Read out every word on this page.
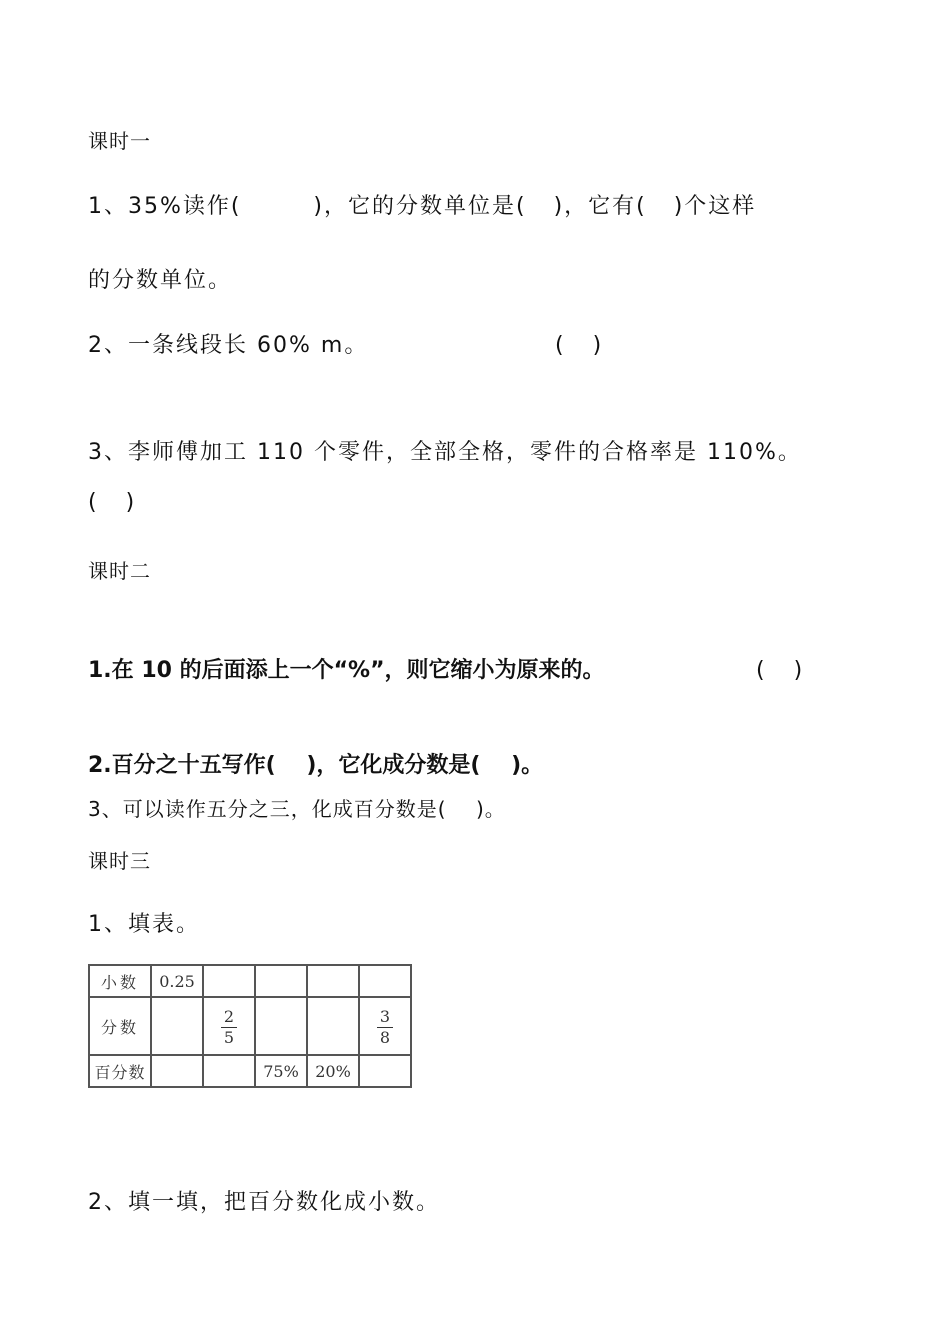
课时一
1、35%读作(        )，它的分数单位是(   )，它有(   )个这样
的分数单位。
2、一条线段长 60% m。	(   )
3、李师傅加工 110 个零件，全部全格，零件的合格率是 110%。
(   )
课时二
1.在 10 的后面添上一个“%”，则它缩小为原来的。	(   )
2.百分之十五写作(    )，它化成分数是(    )。
3、可以读作五分之三，化成百分数是(    )。
课时三
1、填表。
小数	0.25				
分数		$\frac{2}{5}$			$\frac{3}{8}$

百分数			75%	20%	
2、填一填，把百分数化成小数。
